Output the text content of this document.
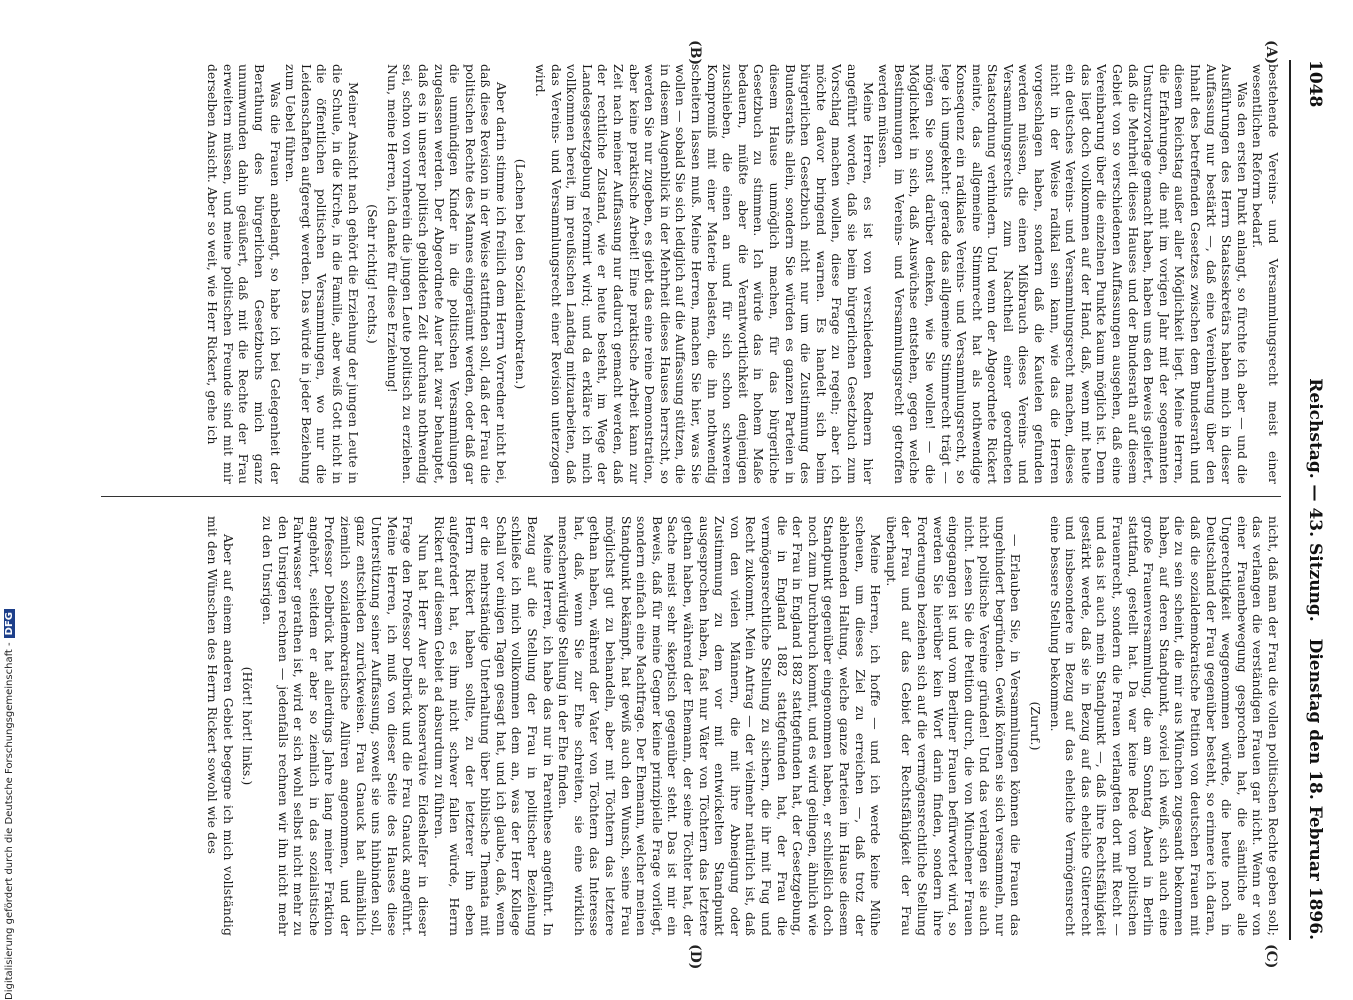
1048
Reichstag. — 43. Sitzung.
Dienstag den 18. Februar 1896.
(A)
(B)
(C)
(D)

bestehende Vereins- und Versammlungsrecht meist einer wesentlichen Reform bedarf.

Was den ersten Punkt anlangt, so fürchte ich aber — und die Ausführungen des Herrn Staatssekretärs haben mich in dieser Auffassung nur bestärkt —, daß eine Vereinbarung über den Inhalt des betreffenden Gesetzes zwischen dem Bundesrath und diesem Reichstag außer aller Möglichkeit liegt. Meine Herren, die Erfahrungen, die mit im vorigen Jahr mit der sogenannten Umsturzvorlage gemacht haben, haben uns den Beweis geliefert, daß die Mehrheit dieses Hauses und der Bundesrath auf diesem Gebiet von so verschiedenen Auffassungen ausgehen, daß eine Vereinbarung über die einzelnen Punkte kaum möglich ist. Denn das liegt doch vollkommen auf der Hand, daß, wenn mit heute ein deutsches Vereins- und Versammlungsrecht machen, dieses nicht in der Weise radikal sein kann, wie das die Herren vorgeschlagen haben, sondern daß die Kautelen gefunden werden müssen, die einen Mißbrauch dieses Vereins- und Versammlungsrechts zum Nachtheil einer geordneten Staatsordnung verhindern. Und wenn der Abgeordnete Rickert meinte, das allgemeine Stimmrecht hat als nothwendige Konsequenz ein radikales Vereins- und Versammlungsrecht, so lege ich umgekehrt: gerade das allgemeine Stimmrecht trägt — mögen Sie sonst darüber denken, wie Sie wollen! — die Möglichkeit in sich, daß Auswüchse entstehen, gegen welche Bestimmungen im Vereins- und Versammlungsrecht getroffen werden müssen.

Meine Herren, es ist von verschiedenen Rednern hier angeführt worden, daß sie beim bürgerlichen Gesetzbuch zum Vorschlag machen wollen, diese Frage zu regeln; aber ich möchte davor bringend warnen. Es handelt sich beim bürgerlichen Gesetzbuch nicht nur um die Zustimmung des Bundesraths allein, sondern Sie würden es ganzen Parteien in diesem Hause unmöglich machen, für das bürgerliche Gesetzbuch zu stimmen. Ich würde das in hohem Maße bedauern, müßte aber die Verantwortlichkeit denjenigen zuschieben, die einen an und für sich schon schweren Kompromiß mit einer Materie belasten, die ihn nothwendig scheitern lassen muß. Meine Herren, machen Sie hier, was Sie wollen — sobald Sie sich lediglich auf die Auffassung stützen, die in diesem Augenblick in der Mehrheit dieses Hauses herrscht, so werden Sie nur zugeben, es giebt das eine reine Demonstration, aber keine praktische Arbeit! Eine praktische Arbeit kann zur Zeit nach meiner Auffassung nur dadurch gemacht werden, daß der rechtliche Zustand, wie er heute besteht, im Wege der Landesgesetzgebung reformirt wird; und da erkläre ich mich vollkommen bereit, im preußischen Landtag mitzuarbeiten, daß das Vereins- und Versammlungsrecht einer Revision unterzogen wird.

(Lachen bei den Sozialdemokraten.)

Aber darin stimme ich freilich dem Herrn Vorredner nicht bei, daß diese Revision in der Weise stattfinden soll, daß der Frau die politischen Rechte des Mannes eingeräumt werden, oder daß gar die unmündigen Kinder in die politischen Versammlungen zugelassen werden. Der Abgeordnete Auer hat zwar behauptet, daß es in unserer politisch gebildeten Zeit durchaus nothwendig sei, schon von vornherein die jungen Leute politisch zu erziehen. Nun, meine Herren, ich danke für diese Erziehung!

(Sehr richtig! rechts.)

Meiner Ansicht nach gehört die Erziehung der jungen Leute in die Schule, in die Kirche, in die Familie, aber weiß Gott nicht in die öffentlichen politischen Versammlungen, wo nur die Leidenschaften aufgeregt werden. Das würde in jeder Beziehung zum Uebel führen.

Was die Frauen anbelangt, so habe ich bei Gelegenheit der Berathung des bürgerlichen Gesetzbuchs mich ganz unumwunden dahin geäußert, daß mit die Rechte der Frau erweitern müssen, und meine politischen Freunde sind mit mir derselben Ansicht. Aber so weit, wie Herr Rickert, gehe ich

nicht, daß man der Frau die vollen politischen Rechte geben soll; das verlangen die verständigen Frauen gar nicht. Wenn er von einer Frauenbewegung gesprochen hat, die sämtliche alle Ungerechtigkeit weggenommen würde, die heute noch in Deutschland der Frau gegenüber besteht, so erinnere ich daran, daß die sozialdemokratische Petition von deutschen Frauen mit die zu sein scheint, die mir aus München zugesandt bekommen haben, auf deren Standpunkt, soviel ich weiß, sich auch eine große Frauenversammlung, die am Sonntag Abend in Berlin stattfand, gestellt hat. Da war keine Rede vom politischen Frauenrecht, sondern die Frauen verlangten dort mit Recht — und das ist auch mein Standpunkt —, daß ihre Rechtsfähigkeit gestärkt werde, daß sie in Bezug auf das eheliche Güterrecht und insbesondere in Bezug auf das eheliche Vermögensrecht eine bessere Stellung bekommen.

(Zuruf.)

— Erlauben Sie, in Versammlungen können die Frauen das ungehindert begründen. Gewiß können sie sich versammeln, nur nicht politische Vereine gründen! Und das verlangen sie auch nicht. Lesen Sie die Petition durch, die von Münchener Frauen eingegangen ist und vom Berliner Frauen befürwortet wird, so werden Sie hierüber kein Wort darin finden, sondern ihre Forderungen beziehen sich auf die vermögensrechtliche Stellung der Frau und auf das Gebiet der Rechtsfähigkeit der Frau überhaupt.

Meine Herren, ich hoffe — und ich werde keine Mühe scheuen, um dieses Ziel zu erreichen —, daß trotz der ablehnenden Haltung, welche ganze Parteien im Hause diesem Standpunkt gegenüber eingenommen haben, er schließlich doch noch zum Durchbruch kommt, und es wird gelingen, ähnlich wie der Frau in England 1882 stattgefunden hat, der Gesetzgebung, die in England 1882 stattgefunden hat, der Frau die vermögensrechtliche Stellung zu sichern, die ihr mit Fug und Recht zukommt. Mein Antrag — der vielmehr natürlich ist, daß von den vielen Männern, die mit ihre Abneigung oder Zustimmung zu dem vor mit entwickelten Standpunkt ausgesprochen haben, fast nur Väter von Töchtern das letztere gethan haben, während der Ehemann, der seine Töchter hat, der Sache meist sehr skeptisch gegenüber steht. Das ist mir ein Beweis, daß für meine Gegner keine prinzipielle Frage vorliegt, sondern einfach eine Machtfrage. Der Ehemann, welcher meinen Standpunkt bekämpft, hat gewiß auch den Wunsch, seine Frau möglichst gut zu behandeln, aber mit Töchtern das letztere gethan haben, während der Vater von Töchtern das Interesse hat, daß, wenn Sie zur Ehe schreiten, sie eine wirklich menschenwürdige Stellung in der Ehe finden.

Meine Herren, ich habe das nur in Parenthese angeführt. In Bezug auf die Stellung der Frau in politischer Beziehung schließe ich mich vollkommen dem an, was der Herr Kollege Schall vor einigen Tagen gesagt hat, und ich glaube, daß, wenn er die mehrständige Unterhaltung über biblische Themata mit Herrn Rickert haben sollte, zu der letzterer ihn eben aufgefordert hat, es ihm nicht schwer fallen würde, Herrn Rickert auf diesem Gebiet ad absurdum zu führen.

Nun hat Herr Auer als konservative Eideshelfer in dieser Frage den Professor Delbrück und die Frau Gnauck angeführt. Meine Herren, ich muß von dieser Seite des Hauses diese Unterstützung seiner Auffassung, soweit sie uns hinbinden soll, ganz entschieden zurückweisen. Frau Gnauck hat allmählich ziemlich sozialdemokratische Allüren angenommen, und der Professor Delbrück hat allerdings Jahre lang meiner Fraktion angehört, seitdem er aber so ziemlich in das sozialistische Fahrwasser gerathen ist, wird er sich wohl selbst nicht mehr zu den Unsrigen rechnen — jedenfalls rechnen wir ihn nicht mehr zu den Unsrigen.

(Hört! hört! links.)

Aber auf einem anderen Gebiet begegne ich mich vollständig mit den Wünschen des Herrn Rickert sowohl wie des

Digitalisierung gefördert durch die Deutsche Forschungsgemeinschaft -DFG
